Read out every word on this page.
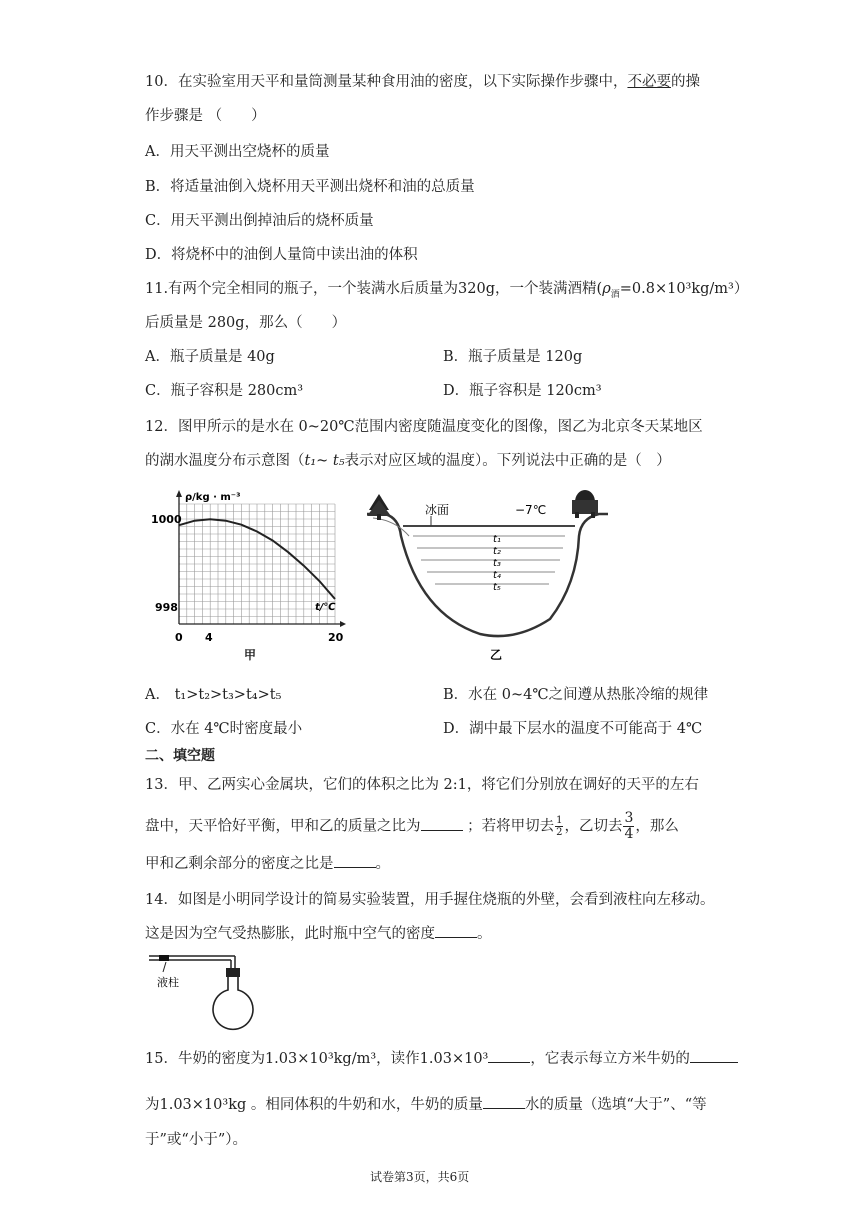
10．在实验室用天平和量筒测量某种食用油的密度，以下实际操作步骤中，不必要的操
作步骤是 （　　）
A．用天平测出空烧杯的质量
B．将适量油倒入烧杯用天平测出烧杯和油的总质量
C．用天平测出倒掉油后的烧杯质量
D．将烧杯中的油倒人量筒中读出油的体积
11.有两个完全相同的瓶子，一个装满水后质量为320g，一个装满酒精$(\rho_酒=0.8\times 10^3kg/m^3)$
后质量是 280g，那么（　　）
A．瓶子质量是 40g	B．瓶子质量是 120g
C．瓶子容积是 280cm³	D．瓶子容积是 120cm³
12．图甲所示的是水在 0~20℃范围内密度随温度变化的图像，图乙为北京冬天某地区
的湖水温度分布示意图（t₁~ t₅表示对应区域的温度）。下列说法中正确的是（　）
ρ/kg · m⁻³
t/℃
1000
998
0 4	20
甲
冰面	−7℃
t₁
t₂
t₃
t₄
t₅
乙
A． t₁>t₂>t₃>t₄>t₅	B．水在 0~4℃之间遵从热胀冷缩的规律
C．水在 4℃时密度最小	D．湖中最下层水的温度不可能高于 4℃
二、填空题
13．甲、乙两实心金属块，它们的体积之比为 2:1，将它们分别放在调好的天平的左右
盘中，天平恰好平衡，甲和乙的质量之比为	；若将甲切去 $\frac{1}{2}$ ，乙切去 $\frac{3}{4}$ ，那么
甲和乙剩余部分的密度之比是	。
14．如图是小明同学设计的简易实验装置，用手握住烧瓶的外壁，会看到液柱向左移动。
这是因为空气受热膨胀，此时瓶中空气的密度	。
液柱
15．牛奶的密度为1.03×10³kg/m³，读作1.03×10³	，它表示每立方米牛奶的
为1.03×10³kg 。相同体积的牛奶和水，牛奶的质量	水的质量（选填“大于”、“等
于”或“小于”）。
试卷第3页，共6页
